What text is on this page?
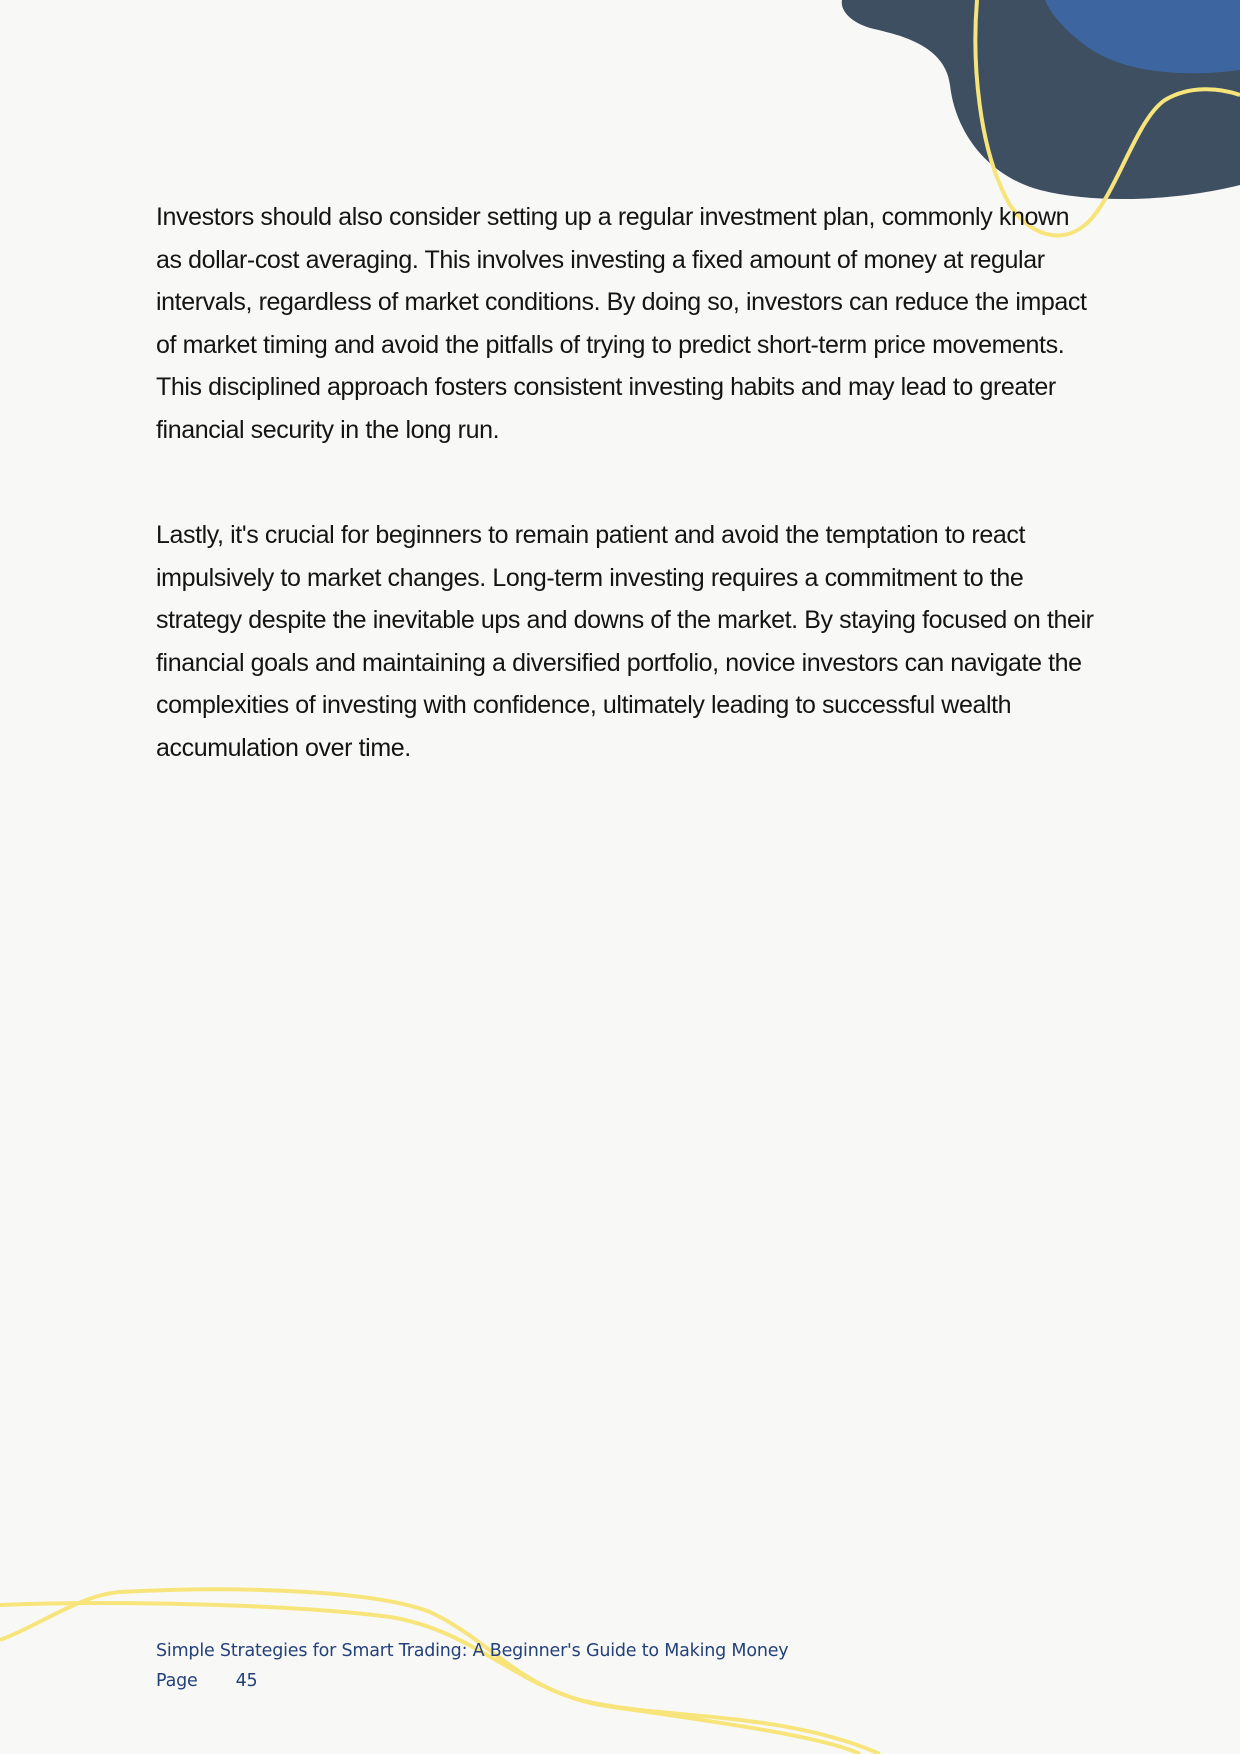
Investors should also consider setting up a regular investment plan, commonly known as dollar-cost averaging. This involves investing a fixed amount of money at regular intervals, regardless of market conditions. By doing so, investors can reduce the impact of market timing and avoid the pitfalls of trying to predict short-term price movements. This disciplined approach fosters consistent investing habits and may lead to greater financial security in the long run.

Lastly, it's crucial for beginners to remain patient and avoid the temptation to react impulsively to market changes. Long-term investing requires a commitment to the strategy despite the inevitable ups and downs of the market. By staying focused on their financial goals and maintaining a diversified portfolio, novice investors can navigate the complexities of investing with confidence, ultimately leading to successful wealth accumulation over time.

Simple Strategies for Smart Trading: A Beginner's Guide to Making Money
Page 45
